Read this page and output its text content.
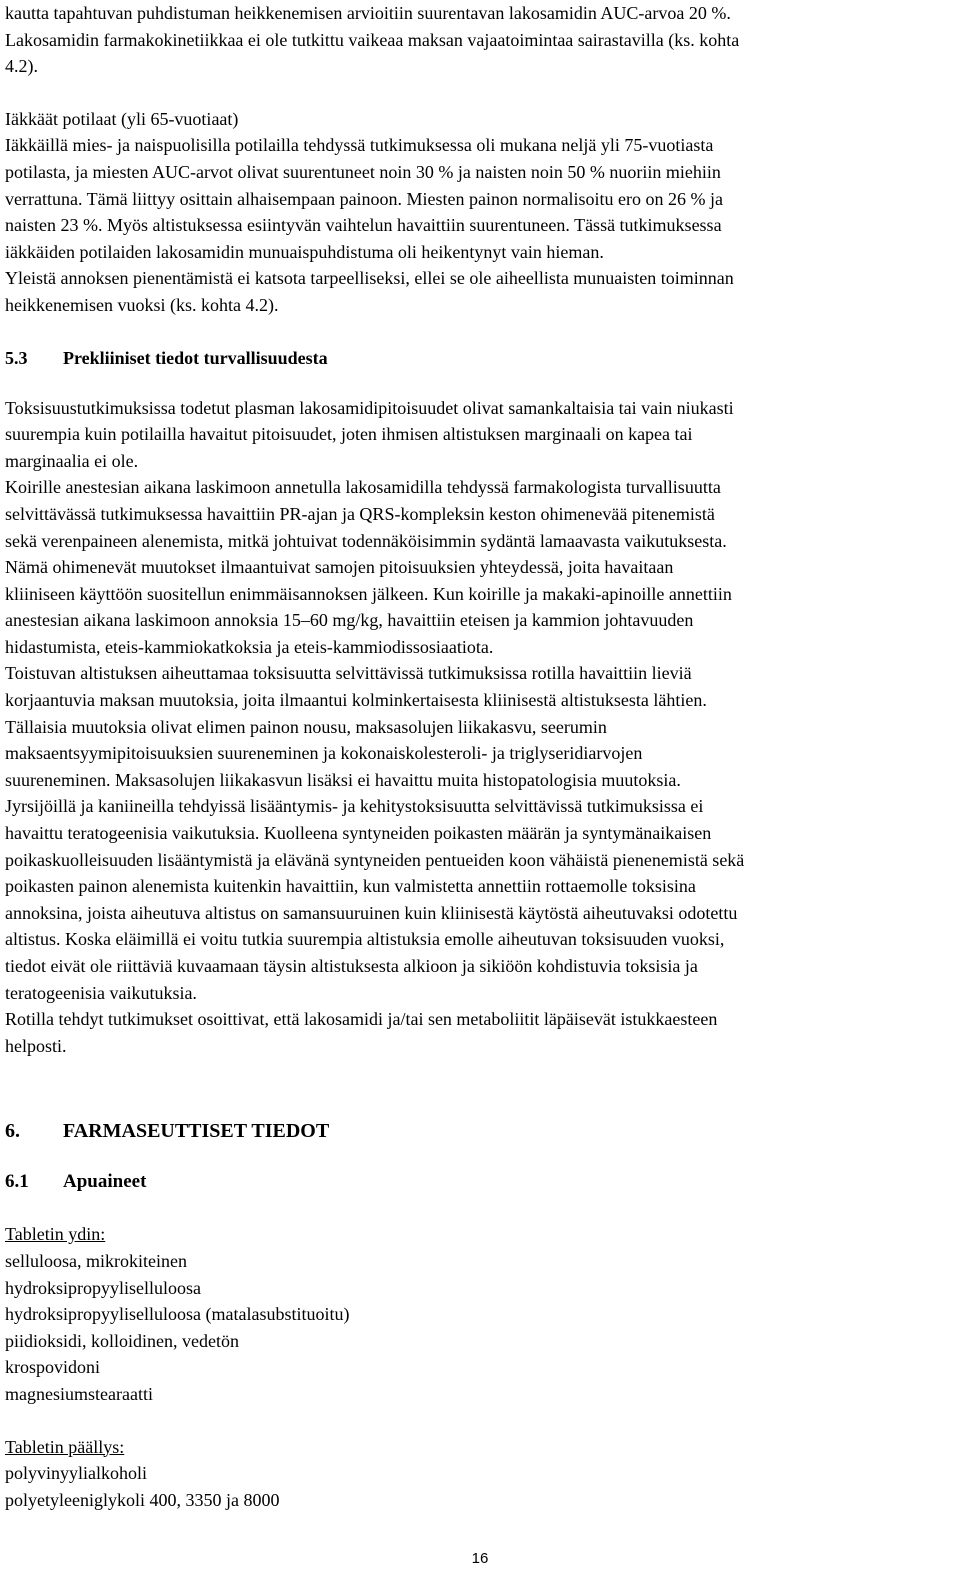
kautta tapahtuvan puhdistuman heikkenemisen arvioitiin suurentavan lakosamidin AUC-arvoa 20 %.

Lakosamidin farmakokinetiikkaa ei ole tutkittu vaikeaa maksan vajaatoimintaa sairastavilla (ks. kohta

4.2).

Iäkkäät potilaat (yli 65-vuotiaat)

Iäkkäillä mies- ja naispuolisilla potilailla tehdyssä tutkimuksessa oli mukana neljä yli 75-vuotiasta

potilasta, ja miesten AUC-arvot olivat suurentuneet noin 30 % ja naisten noin 50 % nuoriin miehiin

verrattuna. Tämä liittyy osittain alhaisempaan painoon. Miesten painon normalisoitu ero on 26 % ja

naisten 23 %. Myös altistuksessa esiintyvän vaihtelun havaittiin suurentuneen. Tässä tutkimuksessa

iäkkäiden potilaiden lakosamidin munuaispuhdistuma oli heikentynyt vain hieman.

Yleistä annoksen pienentämistä ei katsota tarpeelliseksi, ellei se ole aiheellista munuaisten toiminnan

heikkenemisen vuoksi (ks. kohta 4.2).

5.3	Prekliiniset tiedot turvallisuudesta

Toksisuustutkimuksissa todetut plasman lakosamidipitoisuudet olivat samankaltaisia tai vain niukasti

suurempia kuin potilailla havaitut pitoisuudet, joten ihmisen altistuksen marginaali on kapea tai

marginaalia ei ole.

Koirille anestesian aikana laskimoon annetulla lakosamidilla tehdyssä farmakologista turvallisuutta

selvittävässä tutkimuksessa havaittiin PR-ajan ja QRS-kompleksin keston ohimenevää pitenemistä

sekä verenpaineen alenemista, mitkä johtuivat todennäköisimmin sydäntä lamaavasta vaikutuksesta.

Nämä ohimenevät muutokset ilmaantuivat samojen pitoisuuksien yhteydessä, joita havaitaan

kliiniseen käyttöön suositellun enimmäisannoksen jälkeen. Kun koirille ja makaki-apinoille annettiin

anestesian aikana laskimoon annoksia 15–60 mg/kg, havaittiin eteisen ja kammion johtavuuden

hidastumista, eteis-kammiokatkoksia ja eteis-kammiodissosiaatiota.

Toistuvan altistuksen aiheuttamaa toksisuutta selvittävissä tutkimuksissa rotilla havaittiin lieviä

korjaantuvia maksan muutoksia, joita ilmaantui kolminkertaisesta kliinisestä altistuksesta lähtien.

Tällaisia muutoksia olivat elimen painon nousu, maksasolujen liikakasvu, seerumin

maksaentsyymipitoisuuksien suureneminen ja kokonaiskolesteroli- ja triglyseridiarvojen

suureneminen. Maksasolujen liikakasvun lisäksi ei havaittu muita histopatologisia muutoksia.

Jyrsijöillä ja kaniineilla tehdyissä lisääntymis- ja kehitystoksisuutta selvittävissä tutkimuksissa ei

havaittu teratogeenisia vaikutuksia. Kuolleena syntyneiden poikasten määrän ja syntymänaikaisen

poikaskuolleisuuden lisääntymistä ja elävänä syntyneiden pentueiden koon vähäistä pienenemistä sekä

poikasten painon alenemista kuitenkin havaittiin, kun valmistetta annettiin rottaemolle toksisina

annoksina, joista aiheutuva altistus on samansuuruinen kuin kliinisestä käytöstä aiheutuvaksi odotettu

altistus. Koska eläimillä ei voitu tutkia suurempia altistuksia emolle aiheutuvan toksisuuden vuoksi,

tiedot eivät ole riittäviä kuvaamaan täysin altistuksesta alkioon ja sikiöön kohdistuvia toksisia ja

teratogeenisia vaikutuksia.

Rotilla tehdyt tutkimukset osoittivat, että lakosamidi ja/tai sen metaboliitit läpäisevät istukkaesteen

helposti.

6.	FARMASEUTTISET TIEDOT
6.1	Apuaineet

Tabletin ydin:

selluloosa, mikrokiteinen
hydroksipropyyliselluloosa
hydroksipropyyliselluloosa (matalasubstituoitu)
piidioksidi, kolloidinen, vedetön
krospovidoni
magnesiumstearaatti

Tabletin päällys:

polyvinyylialkoholi
polyetyleeniglykoli 400, 3350 ja 8000
16
